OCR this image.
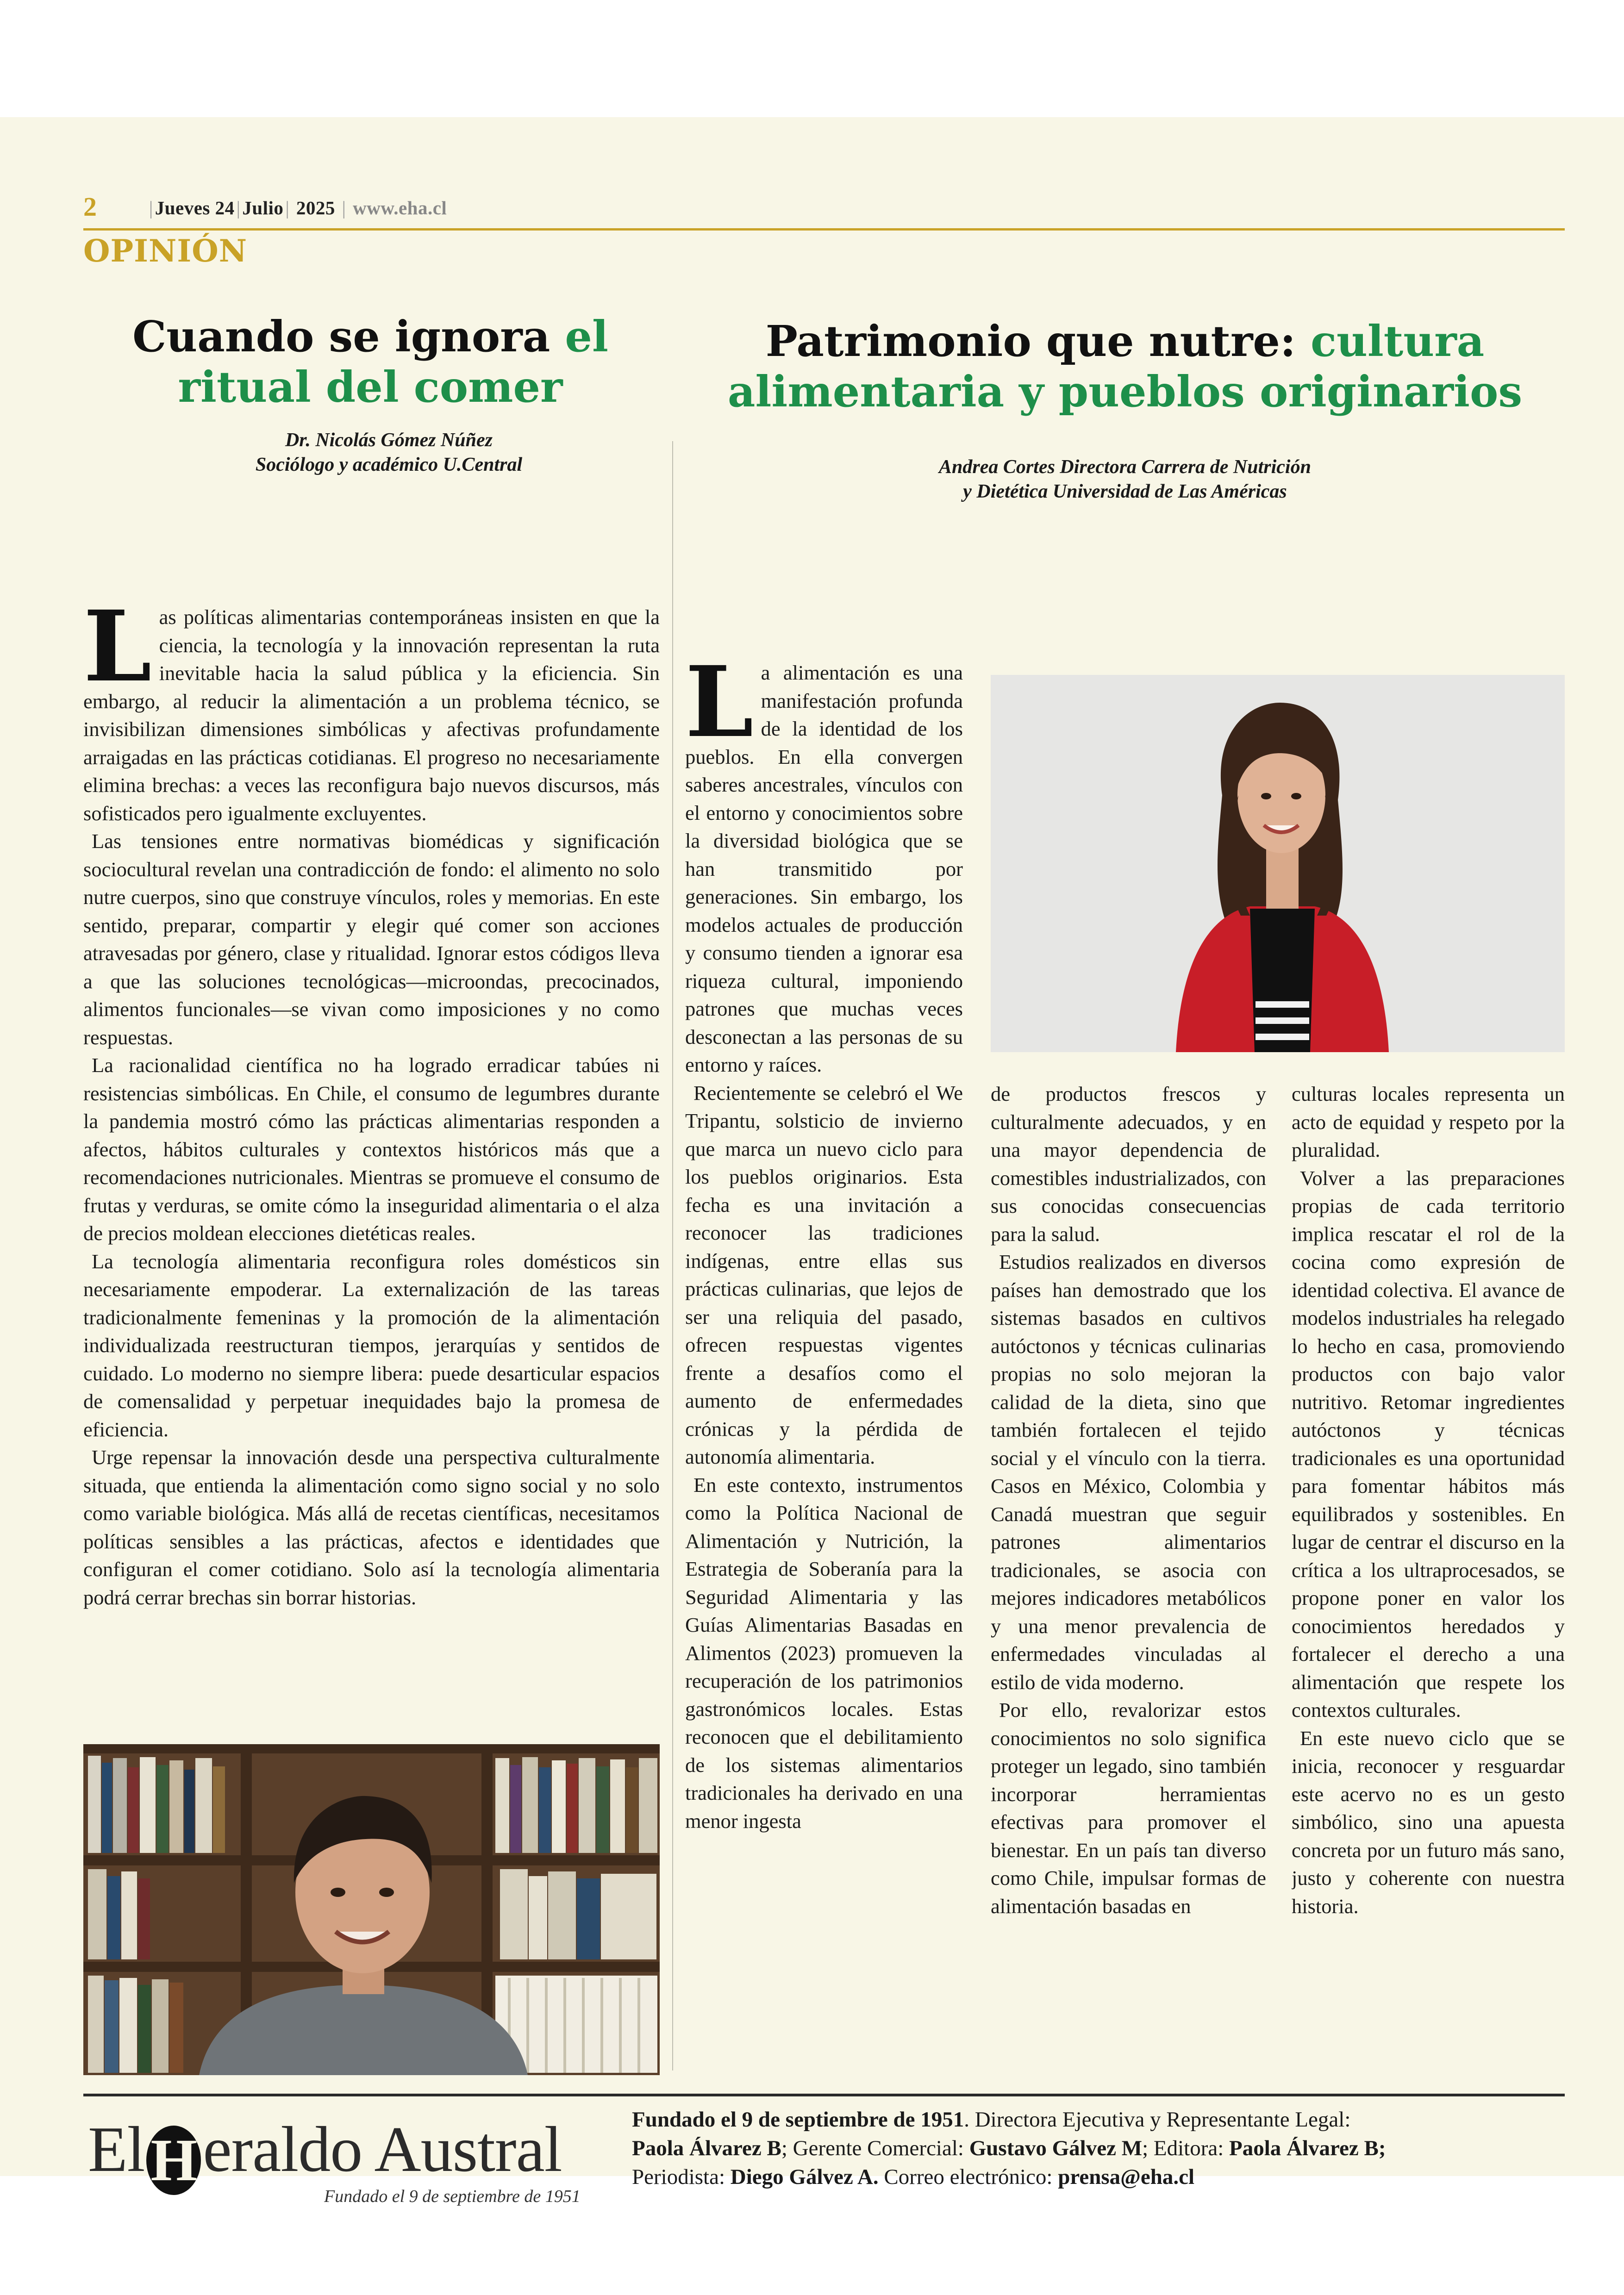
2	|Jueves 24|Julio| 2025 | www.eha.cl
OPINIÓN
Cuando se ignora el
ritual del comer
Dr. Nicolás Gómez Núñez
Sociólogo y académico U.Central

Las políticas alimentarias contemporáneas insisten en que la ciencia, la tecnología y la innovación representan la ruta inevitable hacia la salud pública y la eficiencia. Sin embargo, al reducir la alimentación a un problema técnico, se invisibilizan dimensiones simbólicas y afectivas profundamente arraigadas en las prácticas cotidianas. El progreso no necesariamente elimina brechas: a veces las reconfigura bajo nuevos discursos, más sofisticados pero igualmente excluyentes.

Las tensiones entre normativas biomédicas y significación sociocultural revelan una contradicción de fondo: el alimento no solo nutre cuerpos, sino que construye vínculos, roles y memorias. En este sentido, preparar, compartir y elegir qué comer son acciones atravesadas por género, clase y ritualidad. Ignorar estos códigos lleva a que las soluciones tecnológicas—microondas, precocinados, alimentos funcionales—se vivan como imposiciones y no como respuestas.

La racionalidad científica no ha logrado erradicar tabúes ni resistencias simbólicas. En Chile, el consumo de legumbres durante la pandemia mostró cómo las prácticas alimentarias responden a afectos, hábitos culturales y contextos históricos más que a recomendaciones nutricionales. Mientras se promueve el consumo de frutas y verduras, se omite cómo la inseguridad alimentaria o el alza de precios moldean elecciones dietéticas reales.

La tecnología alimentaria reconfigura roles domésticos sin necesariamente empoderar. La externalización de las tareas tradicionalmente femeninas y la promoción de la alimentación individualizada reestructuran tiempos, jerarquías y sentidos de cuidado. Lo moderno no siempre libera: puede desarticular espacios de comensalidad y perpetuar inequidades bajo la promesa de eficiencia.

Urge repensar la innovación desde una perspectiva culturalmente situada, que entienda la alimentación como signo social y no solo como variable biológica. Más allá de recetas científicas, necesitamos políticas sensibles a las prácticas, afectos e identidades que configuran el comer cotidiano. Solo así la tecnología alimentaria podrá cerrar brechas sin borrar historias.

Patrimonio que nutre: cultura
alimentaria y pueblos originarios
Andrea Cortes Directora Carrera de Nutrición
y Dietética Universidad de Las Américas

La alimentación es una manifestación profunda de la identidad de los pueblos. En ella convergen saberes ancestrales, vínculos con el entorno y conocimientos sobre la diversidad biológica que se han transmitido por generaciones. Sin embargo, los modelos actuales de producción y consumo tienden a ignorar esa riqueza cultural, imponiendo patrones que muchas veces desconectan a las personas de su entorno y raíces.

Recientemente se celebró el We Tripantu, solsticio de invierno que marca un nuevo ciclo para los pueblos originarios. Esta fecha es una invitación a reconocer las tradiciones indígenas, entre ellas sus prácticas culinarias, que lejos de ser una reliquia del pasado, ofrecen respuestas vigentes frente a desafíos como el aumento de enfermedades crónicas y la pérdida de autonomía alimentaria.

En este contexto, instrumentos como la Política Nacional de Alimentación y Nutrición, la Estrategia de Soberanía para la Seguridad Alimentaria y las Guías Alimentarias Basadas en Alimentos (2023) promueven la recuperación de los patrimonios gastronómicos locales. Estas reconocen que el debilitamiento de los sistemas alimentarios tradicionales ha derivado en una menor ingesta

de productos frescos y culturalmente adecuados, y en una mayor dependencia de comestibles industrializados, con sus conocidas consecuencias para la salud.

Estudios realizados en diversos países han demostrado que los sistemas basados en cultivos autóctonos y técnicas culinarias propias no solo mejoran la calidad de la dieta, sino que también fortalecen el tejido social y el vínculo con la tierra. Casos en México, Colombia y Canadá muestran que seguir patrones alimentarios tradicionales, se asocia con mejores indicadores metabólicos y una menor prevalencia de enfermedades vinculadas al estilo de vida moderno.

Por ello, revalorizar estos conocimientos no solo significa proteger un legado, sino también incorporar herramientas efectivas para promover el bienestar. En un país tan diverso como Chile, impulsar formas de alimentación basadas en

culturas locales representa un acto de equidad y respeto por la pluralidad.

Volver a las preparaciones propias de cada territorio implica rescatar el rol de la cocina como expresión de identidad colectiva. El avance de modelos industriales ha relegado lo hecho en casa, promoviendo productos con bajo valor nutritivo. Retomar ingredientes autóctonos y técnicas tradicionales es una oportunidad para fomentar hábitos más equilibrados y sostenibles. En lugar de centrar el discurso en la crítica a los ultraprocesados, se propone poner en valor los conocimientos heredados y fortalecer el derecho a una alimentación que respete los contextos culturales.

En este nuevo ciclo que se inicia, reconocer y resguardar este acervo no es un gesto simbólico, sino una apuesta concreta por un futuro más sano, justo y coherente con nuestra historia.

ElHeraldo Austral
Fundado el 9 de septiembre de 1951
Fundado el 9 de septiembre de 1951. Directora Ejecutiva y Representante Legal:
Paola Álvarez B; Gerente Comercial: Gustavo Gálvez M; Editora: Paola Álvarez B;
Periodista: Diego Gálvez A. Correo electrónico: prensa@eha.cl
